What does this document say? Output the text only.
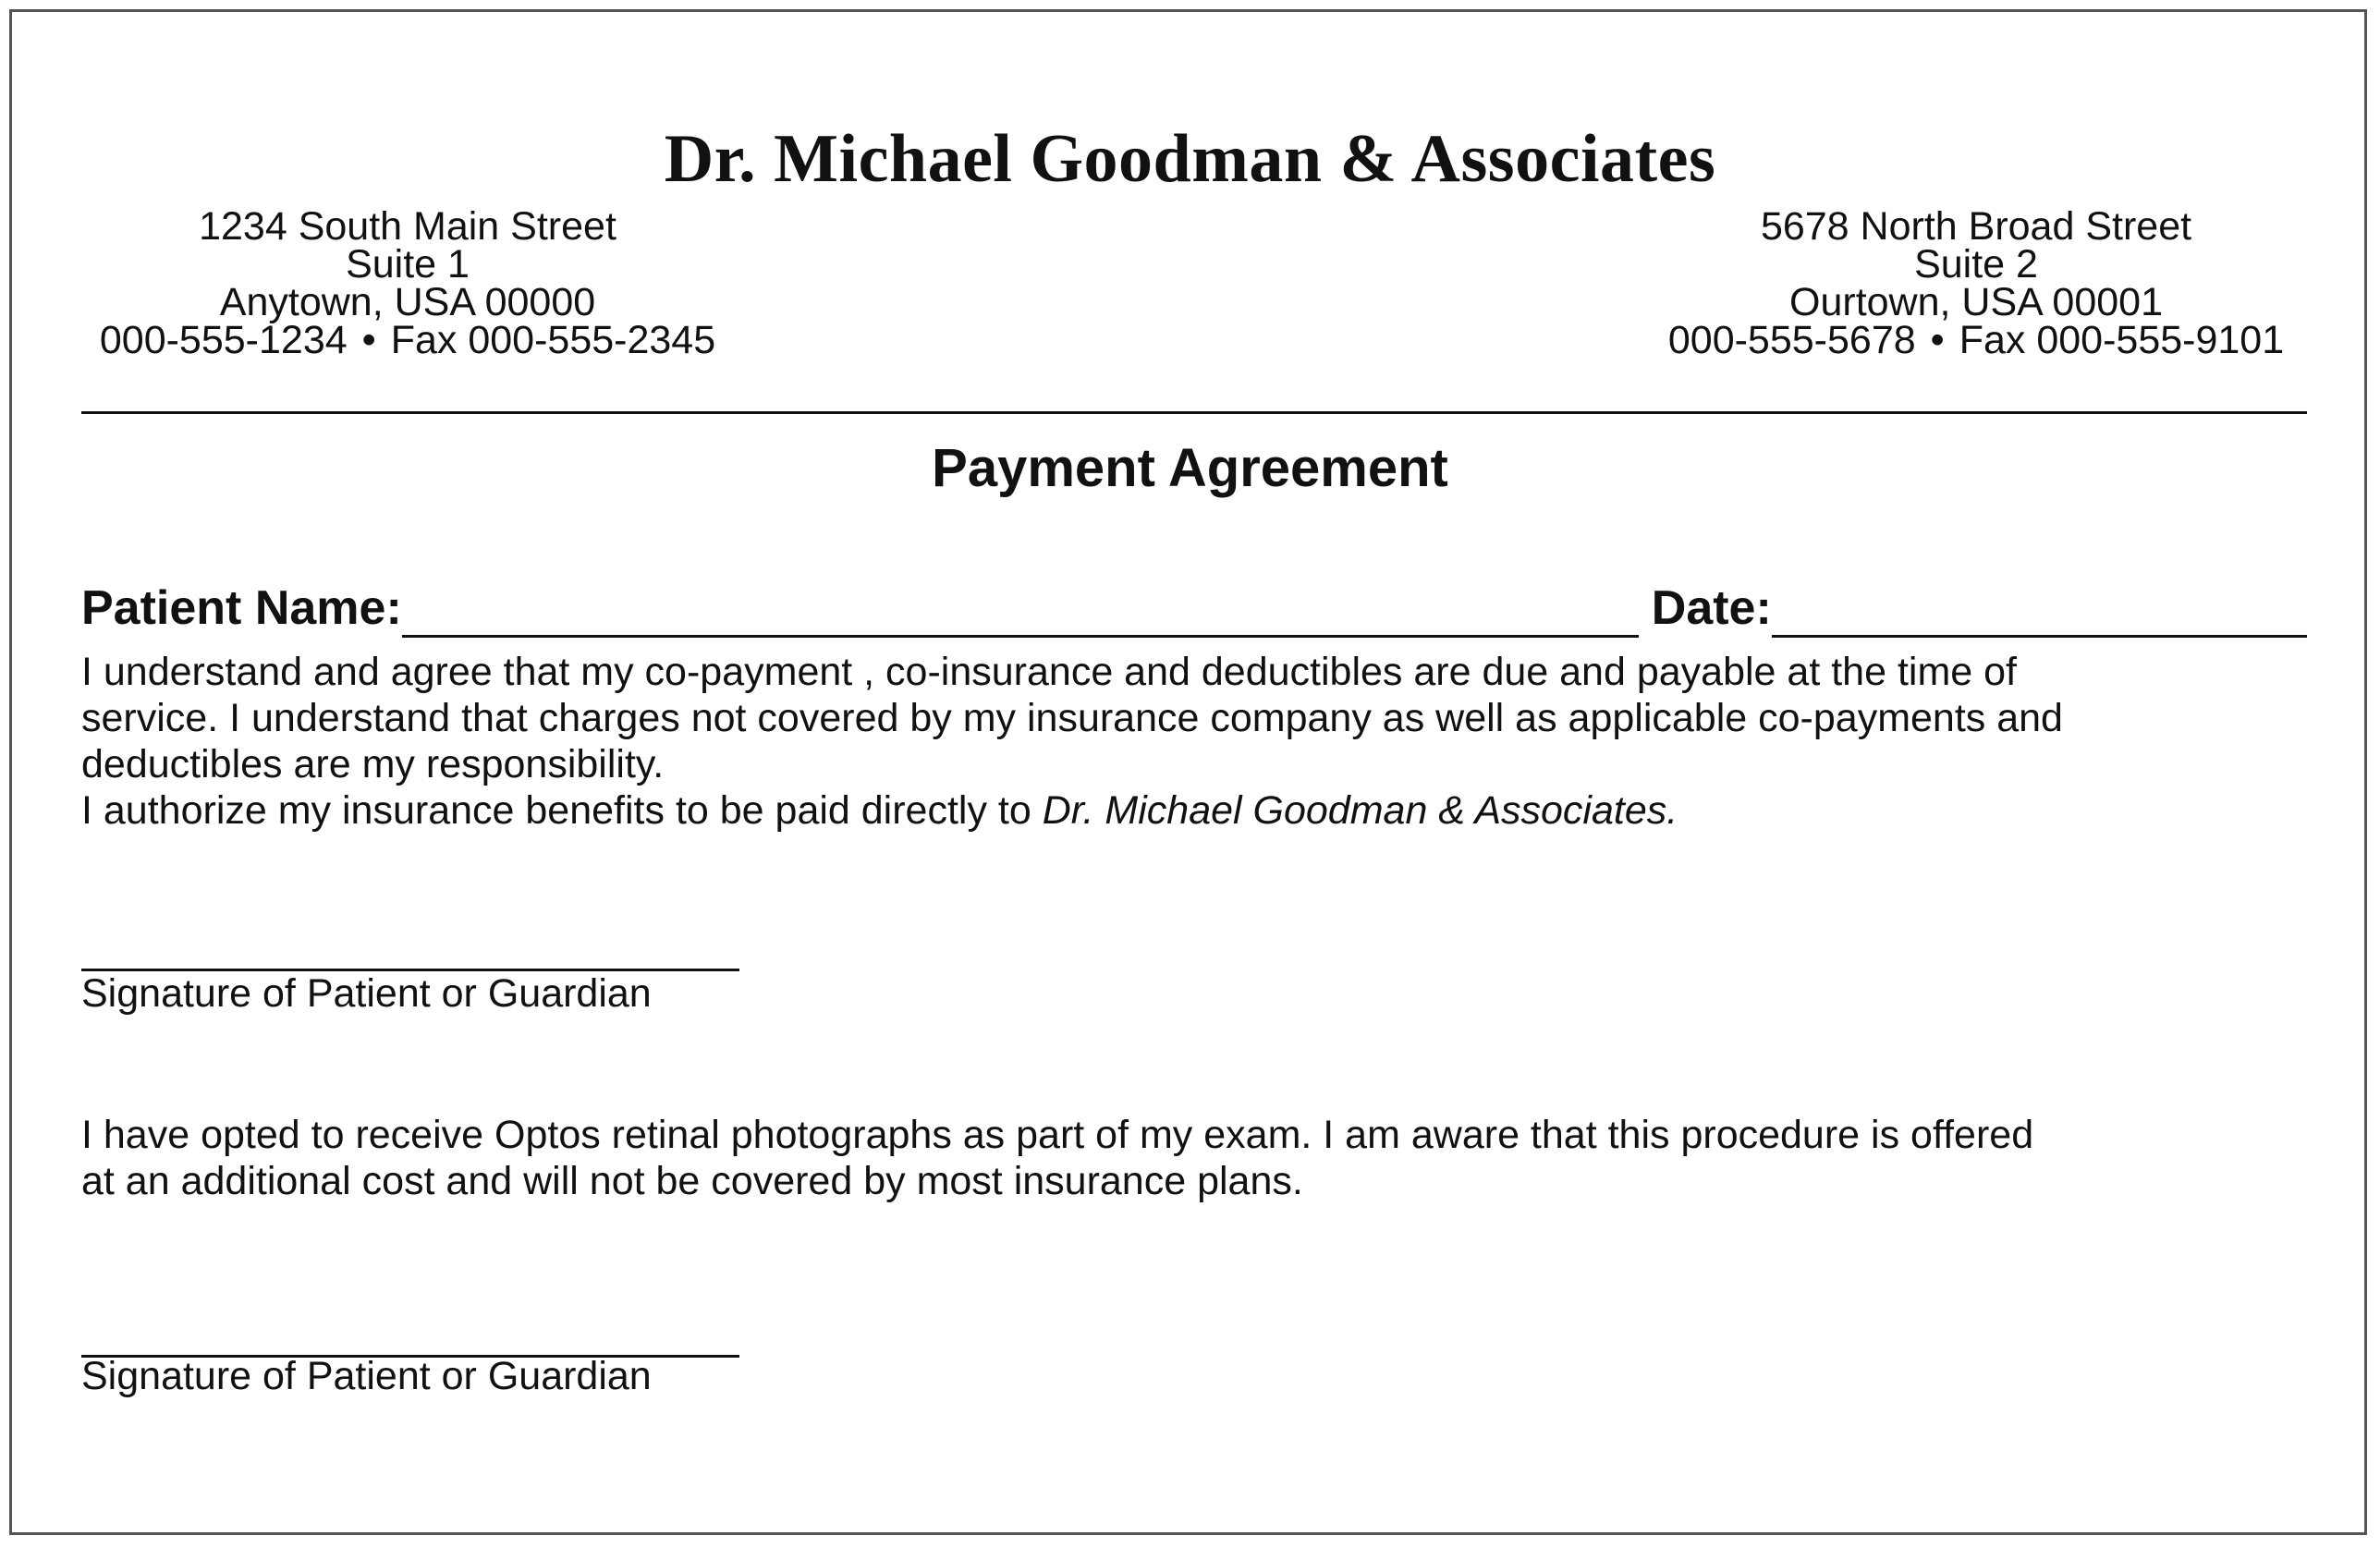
Dr. Michael Goodman & Associates
1234 South Main Street
Suite 1
Anytown, USA 00000
000-555-1234 • Fax 000-555-2345
5678 North Broad Street
Suite 2
Ourtown, USA 00001
000-555-5678 • Fax 000-555-9101
Payment Agreement
Patient Name:	Date:
I understand and agree that my co-payment , co-insurance and deductibles are due and payable at the time of
service. I understand that charges not covered by my insurance company as well as applicable co-payments and
deductibles are my responsibility.
I authorize my insurance benefits to be paid directly to Dr. Michael Goodman & Associates.
Signature of Patient or Guardian
I have opted to receive Optos retinal photographs as part of my exam. I am aware that this procedure is offered
at an additional cost and will not be covered by most insurance plans.
Signature of Patient or Guardian
